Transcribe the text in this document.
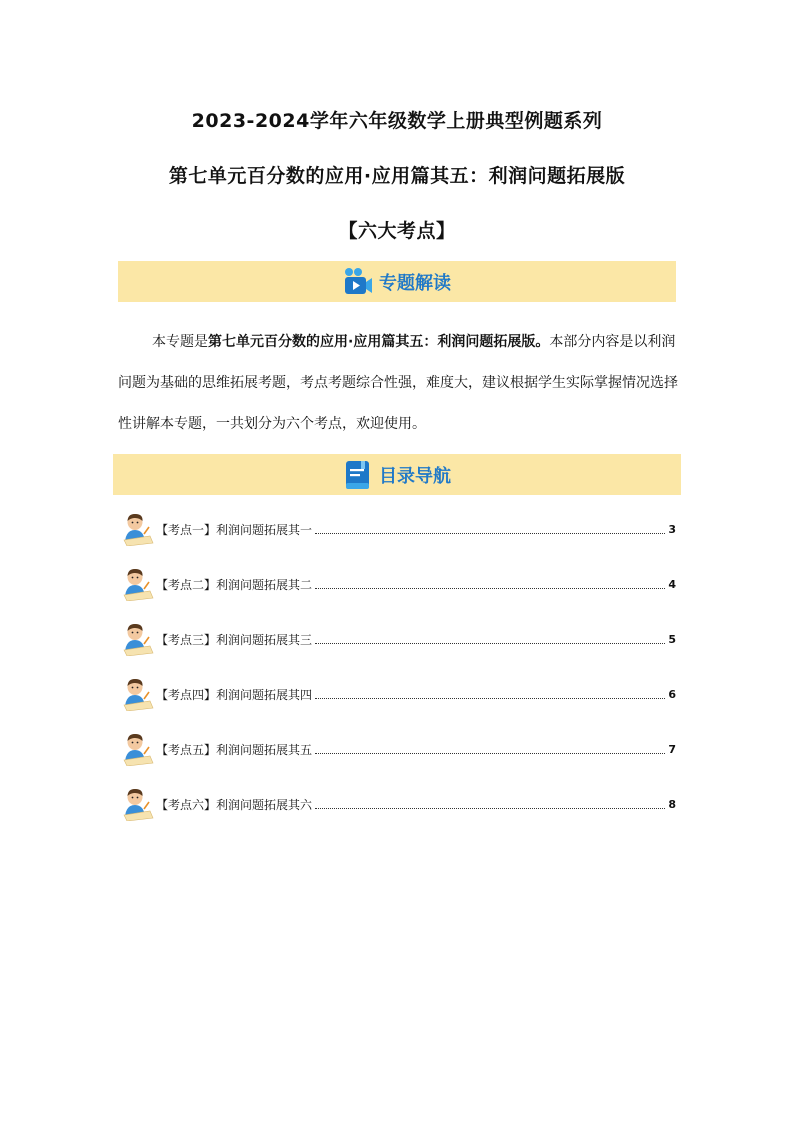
2023-2024学年六年级数学上册典型例题系列
第七单元百分数的应用·应用篇其五：利润问题拓展版
【六大考点】
专题解读
本专题是第七单元百分数的应用·应用篇其五：利润问题拓展版。本部分内容是以利润问题为基础的思维拓展考题，考点考题综合性强，难度大，建议根据学生实际掌握情况选择性讲解本专题，一共划分为六个考点，欢迎使用。
目录导航
【考点一】利润问题拓展其一	3
【考点二】利润问题拓展其二	4
【考点三】利润问题拓展其三	5
【考点四】利润问题拓展其四	6
【考点五】利润问题拓展其五	7
【考点六】利润问题拓展其六	8
